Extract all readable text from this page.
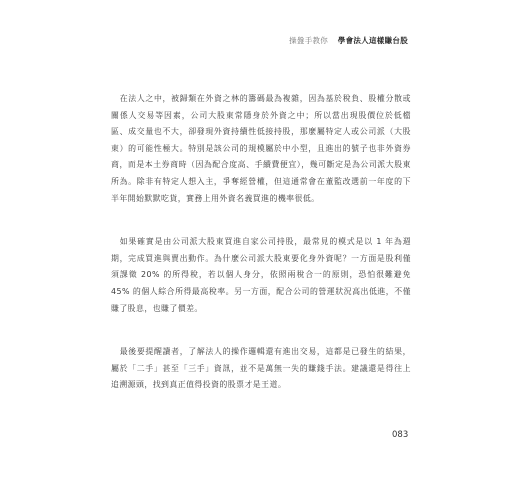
操盤手教你 學會法人這樣賺台股

在法人之中，被歸類在外資之林的籌碼最為複雜，因為基於稅負、股權分散或關係人交易等因素，公司大股東常隱身於外資之中；所以當出現股價位於低檔區、成交量也不大，卻發現外資持續性低接持股，那麼屬特定人或公司派（大股東）的可能性極大。特別是該公司的規模屬於中小型，且進出的號子也非外資券商，而是本土券商時（因為配合度高、手續費便宜），幾可斷定是為公司派大股東所為。除非有特定人想入主，爭奪經營權，但這通常會在董監改選前一年度的下半年開始默默吃貨，實務上用外資名義買進的機率很低。

如果確實是由公司派大股東買進自家公司持股，最常見的模式是以 1 年為週期，完成買進與賣出動作。為什麼公司派大股東要化身外資呢？一方面是股利僅須課徵 20% 的所得稅，若以個人身分，依照兩稅合一的原則，恐怕很難避免 45% 的個人綜合所得最高稅率。另一方面，配合公司的營運狀況高出低進，不僅賺了股息，也賺了價差。

最後要提醒讀者，了解法人的操作邏輯還有進出交易，這都是已發生的結果，屬於「二手」甚至「三手」資訊，並不是萬無一失的賺錢手法。建議還是得往上追溯源頭，找到真正值得投資的股票才是王道。

083
